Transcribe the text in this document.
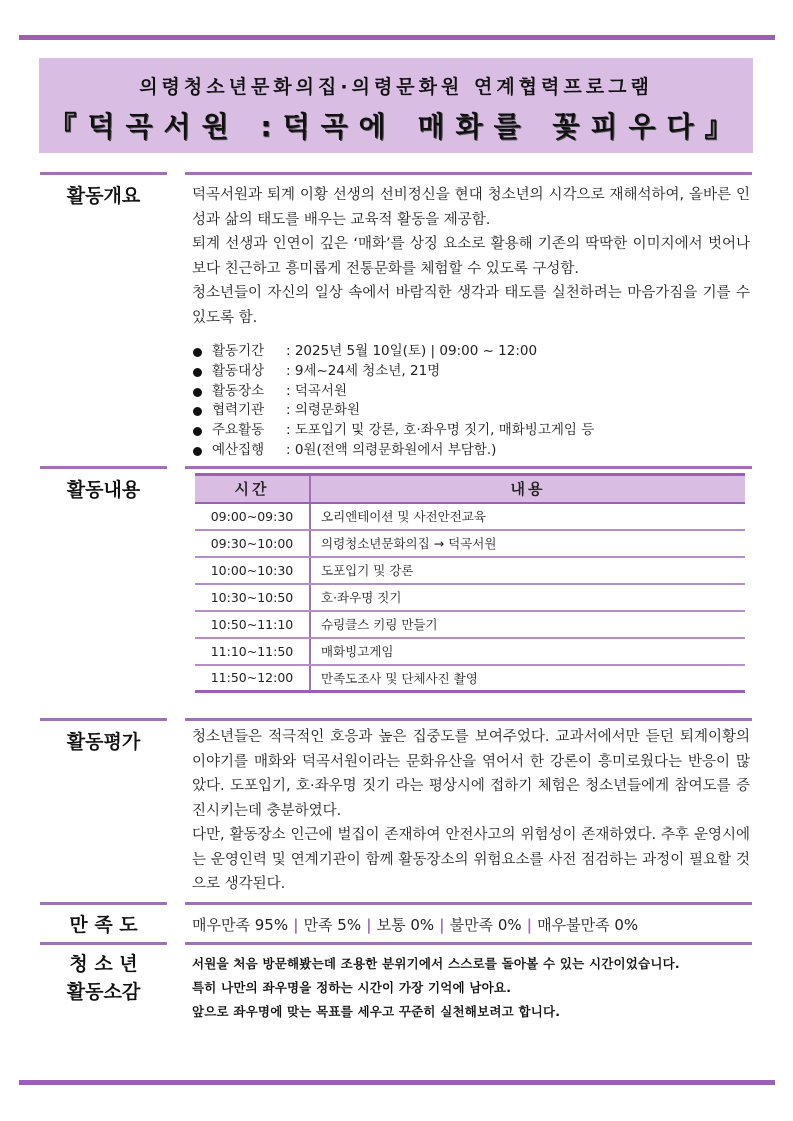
의령청소년문화의집·의령문화원 연계협력프로그램
『덕곡서원 :덕곡에 매화를 꽃피우다』
활동개요	덕곡서원과 퇴계 이황 선생의 선비정신을 현대 청소년의 시각으로 재해석하여, 올바른 인성과 삶의 태도를 배우는 교육적 활동을 제공함.

퇴계 선생과 인연이 깊은 ‘매화’를 상징 요소로 활용해 기존의 딱딱한 이미지에서 벗어나 보다 친근하고 흥미롭게 전통문화를 체험할 수 있도록 구성함.

청소년들이 자신의 일상 속에서 바람직한 생각과 태도를 실천하려는 마음가짐을 기를 수 있도록 함.

활동기간 : 2025년 5월 10일(토) | 09:00 ~ 12:00
활동대상 : 9세~24세 청소년, 21명
활동장소 : 덕곡서원
협력기관 : 의령문화원
주요활동 : 도포입기 및 강론, 호·좌우명 짓기, 매화빙고게임 등
예산집행 : 0원(전액 의령문화원에서 부담함.)
활동내용	시간	내용
09:00~09:30	오리엔테이션 및 사전안전교육
09:30~10:00	의령청소년문화의집 → 덕곡서원
10:00~10:30	도포입기 및 강론
10:30~10:50	호·좌우명 짓기
10:50~11:10	슈링클스 키링 만들기
11:10~11:50	매화빙고게임
11:50~12:00	만족도조사 및 단체사진 촬영
활동평가	청소년들은 적극적인 호응과 높은 집중도를 보여주었다. 교과서에서만 듣던 퇴계이황의 이야기를 매화와 덕곡서원이라는 문화유산을 엮어서 한 강론이 흥미로웠다는 반응이 많았다. 도포입기, 호·좌우명 짓기 라는 평상시에 접하기 체험은 청소년들에게 참여도를 증진시키는데 충분하였다.

다만, 활동장소 인근에 벌집이 존재하여 안전사고의 위험성이 존재하였다. 추후 운영시에는 운영인력 및 연계기관이 함께 활동장소의 위험요소를 사전 점검하는 과정이 필요할 것으로 생각된다.

만 족 도	매우만족 95% | 만족 5% | 보통 0% | 불만족 0% | 매우불만족 0%
청 소 년
활동소감
서원을 처음 방문해봤는데 조용한 분위기에서 스스로를 돌아볼 수 있는 시간이었습니다.
특히 나만의 좌우명을 정하는 시간이 가장 기억에 남아요.
앞으로 좌우명에 맞는 목표를 세우고 꾸준히 실천해보려고 합니다.
